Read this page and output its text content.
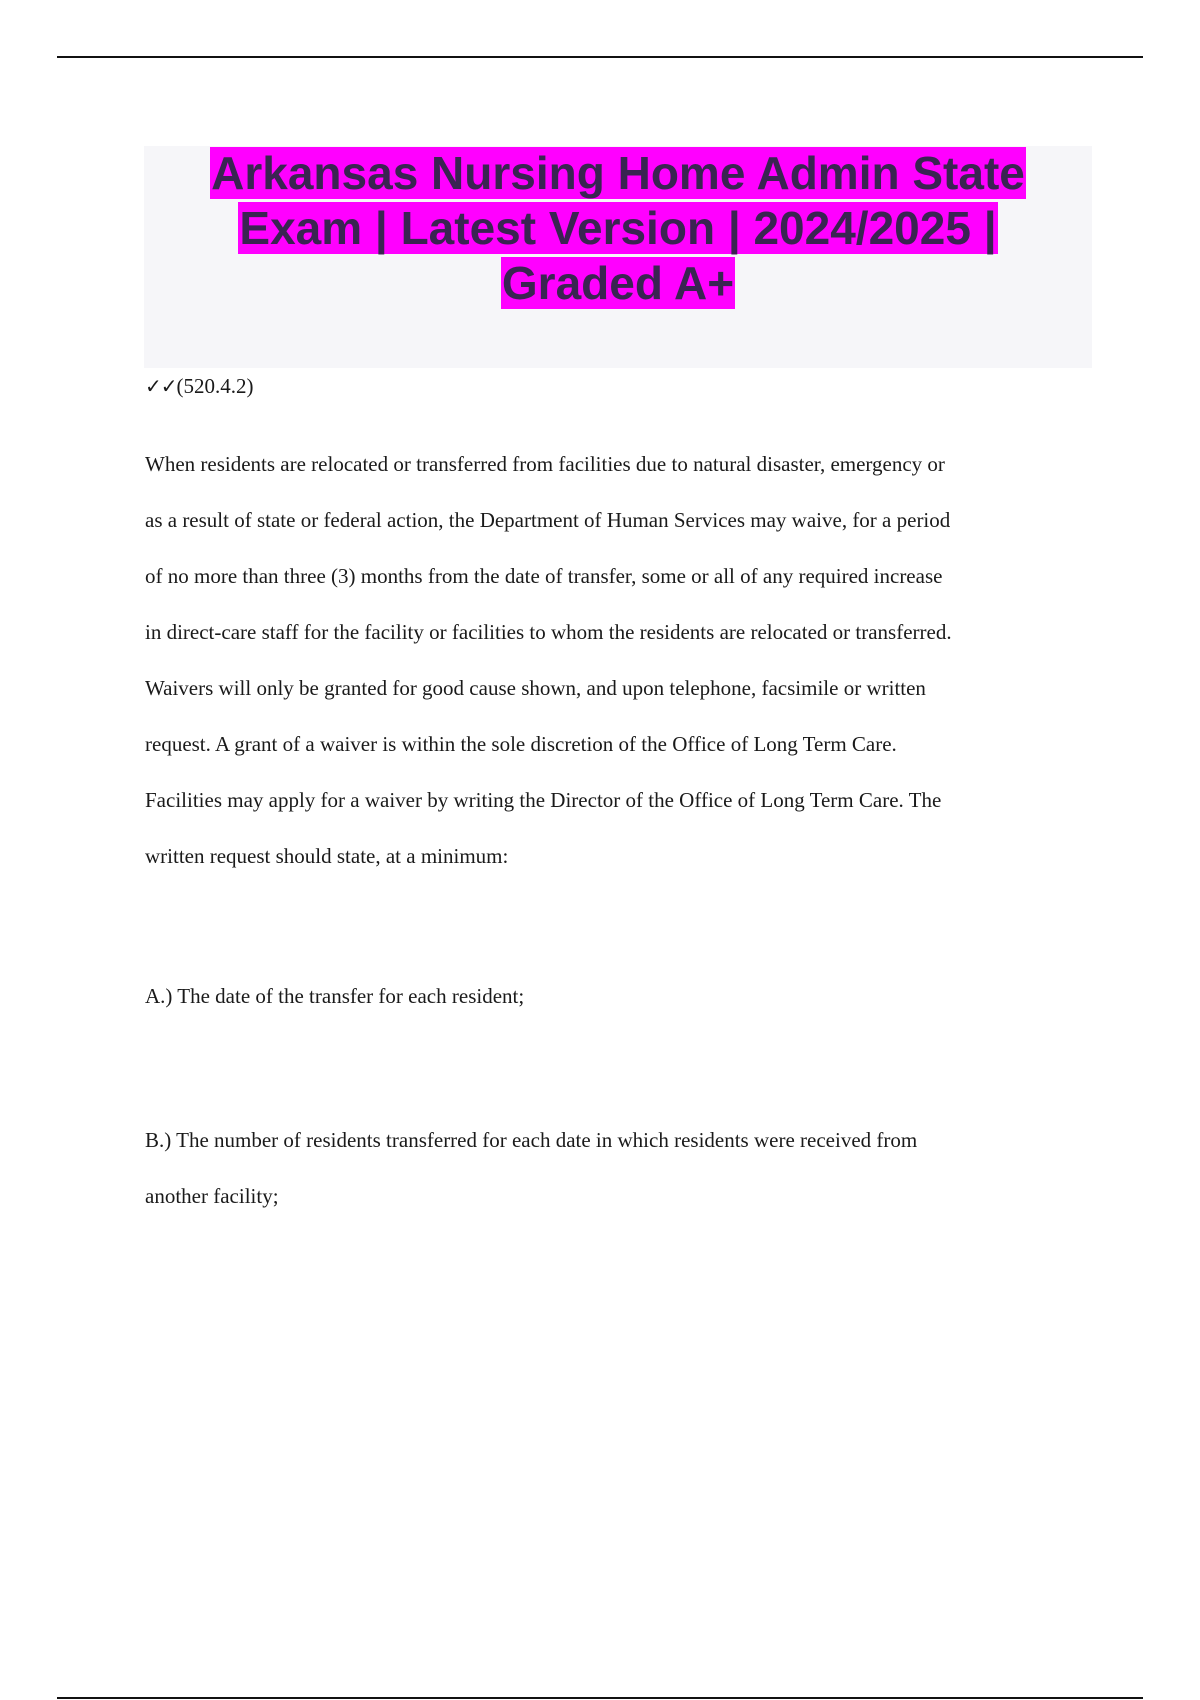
Arkansas Nursing Home Admin State
Exam | Latest Version | 2024/2025 |
Graded A+
✓✓(520.4.2)

When residents are relocated or transferred from facilities due to natural disaster, emergency or
as a result of state or federal action, the Department of Human Services may waive, for a period
of no more than three (3) months from the date of transfer, some or all of any required increase
in direct-care staff for the facility or facilities to whom the residents are relocated or transferred.
Waivers will only be granted for good cause shown, and upon telephone, facsimile or written
request. A grant of a waiver is within the sole discretion of the Office of Long Term Care.
Facilities may apply for a waiver by writing the Director of the Office of Long Term Care. The
written request should state, at a minimum:

A.) The date of the transfer for each resident;

B.) The number of residents transferred for each date in which residents were received from
another facility;
